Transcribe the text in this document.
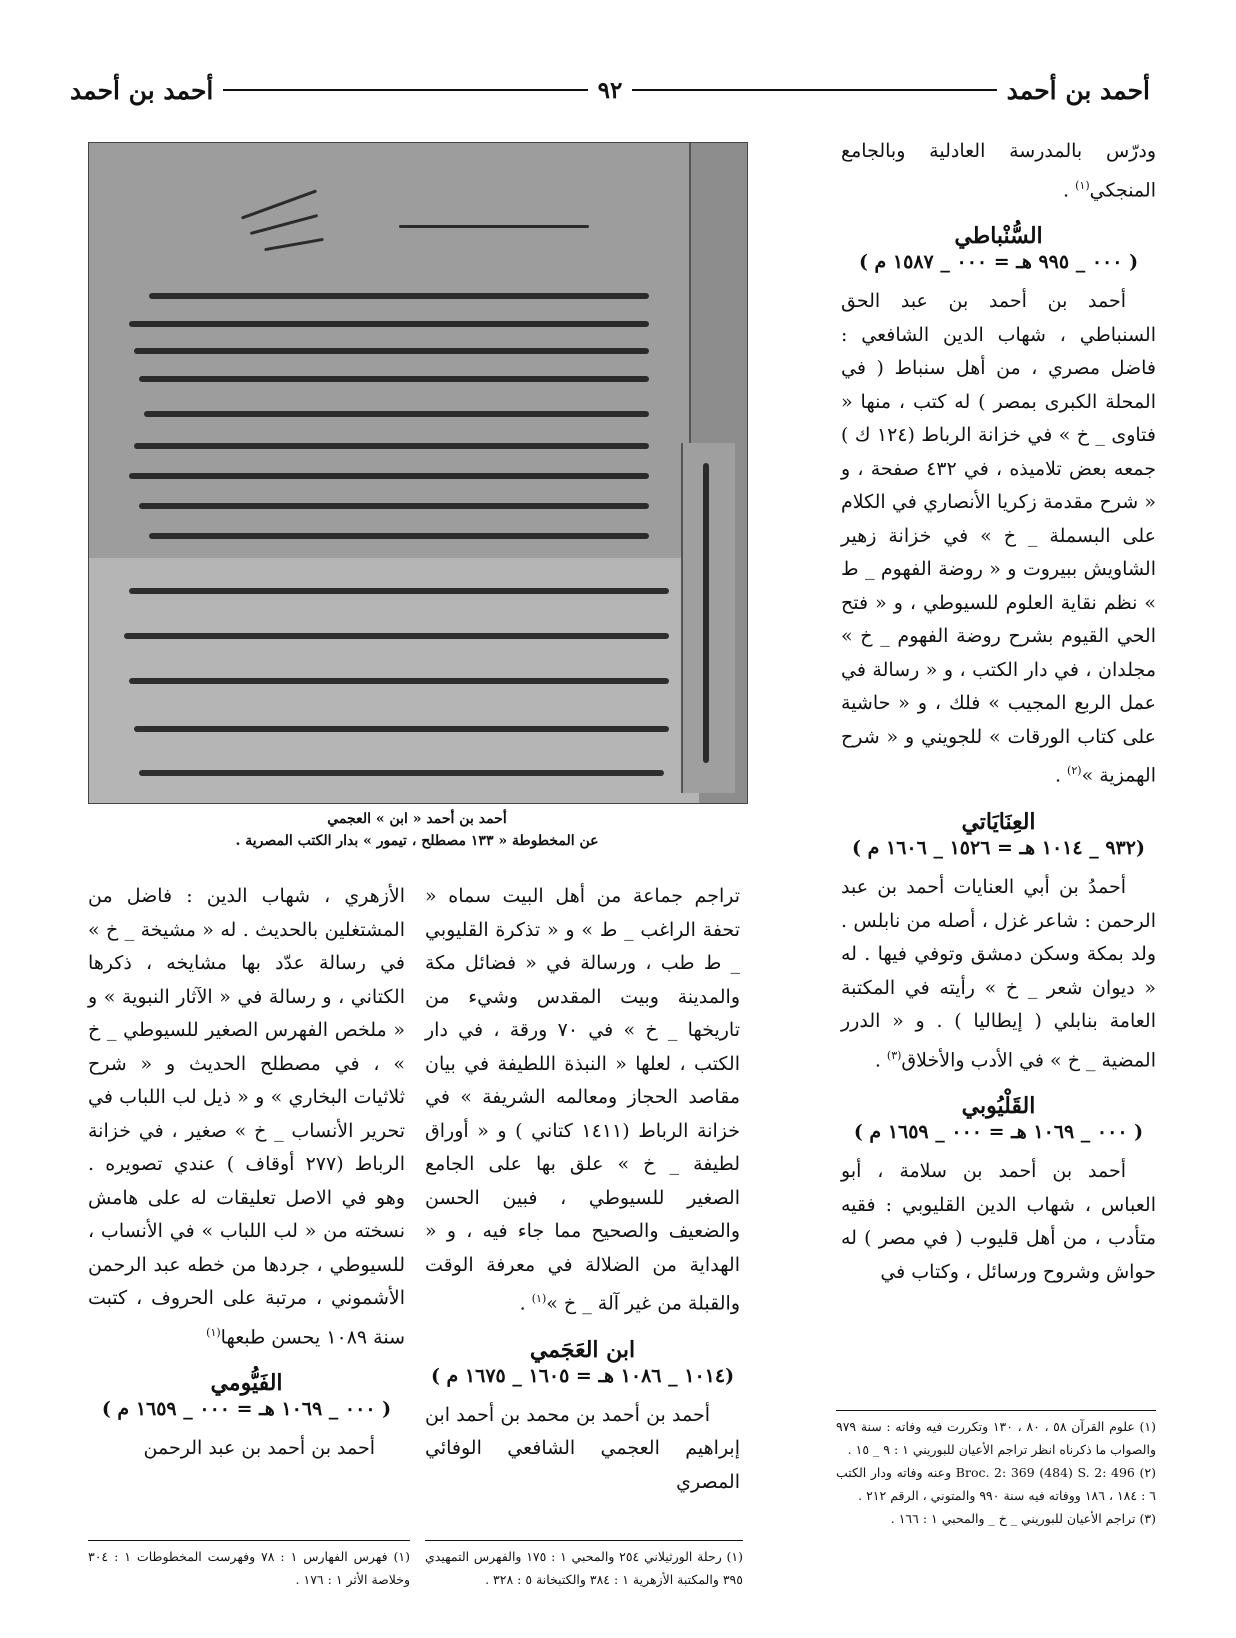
أحمد بن أحمد
٩٢
أحمد بن أحمد

ودرّس بالمدرسة العادلية وبالجامع المنجكي$^{(١)}$ .

السُّنْباطي
( ٠٠٠ _ ٩٩٥ هـ = ٠٠٠ _ ١٥٨٧ م )

أحمد بن أحمد بن عبد الحق السنباطي ، شهاب الدين الشافعي : فاضل مصري ، من أهل سنباط ( في المحلة الكبرى بمصر ) له كتب ، منها « فتاوى _ خ » في خزانة الرباط (١٢٤ ك ) جمعه بعض تلاميذه ، في ٤٣٢ صفحة ، و « شرح مقدمة زكريا الأنصاري في الكلام على البسملة _ خ » في خزانة زهير الشاويش ببيروت و « روضة الفهوم _ ط » نظم نقاية العلوم للسيوطي ، و « فتح الحي القيوم بشرح روضة الفهوم _ خ » مجلدان ، في دار الكتب ، و « رسالة في عمل الربع المجيب » فلك ، و « حاشية على كتاب الورقات » للجويني و « شرح الهمزية »$^{(٢)}$ .

العِنَايَاتي
(٩٣٢ _ ١٠١٤ هـ = ١٥٢٦ _ ١٦٠٦ م )

أحمدُ بن أبي العنايات أحمد بن عبد الرحمن : شاعر غزل ، أصله من نابلس . ولد بمكة وسكن دمشق وتوفي فيها . له « ديوان شعر _ خ » رأيته في المكتبة العامة بنابلي ( إيطاليا ) . و « الدرر المضية _ خ » في الأدب والأخلاق$^{(٣)}$ .

القَلْيُوبي
( ٠٠٠ _ ١٠٦٩ هـ = ٠٠٠ _ ١٦٥٩ م )

أحمد بن أحمد بن سلامة ، أبو العباس ، شهاب الدين القليوبي : فقيه متأدب ، من أهل قليوب ( في مصر ) له حواش وشروح ورسائل ، وكتاب في

أحمد بن أحمد « ابن » العجمي
عن المخطوطة « ١٣٣ مصطلح ، تيمور » بدار الكتب المصرية .

تراجم جماعة من أهل البيت سماه « تحفة الراغب _ ط » و « تذكرة القليوبي _ ط طب ، ورسالة في « فضائل مكة والمدينة وبيت المقدس وشيء من تاريخها _ خ » في ٧٠ ورقة ، في دار الكتب ، لعلها « النبذة اللطيفة في بيان مقاصد الحجاز ومعالمه الشريفة » في خزانة الرباط (١٤١١ كتاني ) و « أوراق لطيفة _ خ » علق بها على الجامع الصغير للسيوطي ، فبين الحسن والضعيف والصحيح مما جاء فيه ، و « الهداية من الضلالة في معرفة الوقت والقبلة من غير آلة _ خ »$^{(١)}$ .

ابن العَجَمي
(١٠١٤ _ ١٠٨٦ هـ = ١٦٠٥ _ ١٦٧٥ م )

أحمد بن أحمد بن محمد بن أحمد ابن إبراهيم العجمي الشافعي الوفائي المصري

الأزهري ، شهاب الدين : فاضل من المشتغلين بالحديث . له « مشيخة _ خ » في رسالة عدّد بها مشايخه ، ذكرها الكتاني ، و رسالة في « الآثار النبوية » و « ملخص الفهرس الصغير للسيوطي _ خ » ، في مصطلح الحديث و « شرح ثلاثيات البخاري » و « ذيل لب اللباب في تحرير الأنساب _ خ » صغير ، في خزانة الرباط (٢٧٧ أوقاف ) عندي تصويره . وهو في الاصل تعليقات له على هامش نسخته من « لب اللباب » في الأنساب ، للسيوطي ، جردها من خطه عبد الرحمن الأشموني ، مرتبة على الحروف ، كتبت سنة ١٠٨٩ يحسن طبعها$^{(١)}$

الفَيُّومي
( ٠٠٠ _ ١٠٦٩ هـ = ٠٠٠ _ ١٦٥٩ م )

أحمد بن أحمد بن عبد الرحمن

(١) علوم القرآن ٥٨ ، ٨٠ ، ١٣٠ وتكررت فيه وفاته : سنة ٩٧٩ والصواب ما ذكرناه انظر تراجم الأعيان للبوريني ١ : ٩ _ ١٥ .

(٢) Broc. 2: 369 (484) S. 2: 496 وعنه وفاته ودار الكتب ٦ : ١٨٤ ، ١٨٦ ووفاته فيه سنة ٩٩٠ والمتوني ، الرقم ٢١٢ .

(٣) تراجم الأعيان للبوريني _ خ _ والمحبي ١ : ١٦٦ .

(١) رحلة الورثيلاني ٢٥٤ والمحبي ١ : ١٧٥ والفهرس التمهيدي ٣٩٥ والمكتبة الأزهرية ١ : ٣٨٤ والكتبخانة ٥ : ٣٢٨ .

(١) فهرس الفهارس ١ : ٧٨ وفهرست المخطوطات ١ : ٣٠٤ وخلاصة الأثر ١ : ١٧٦ .
